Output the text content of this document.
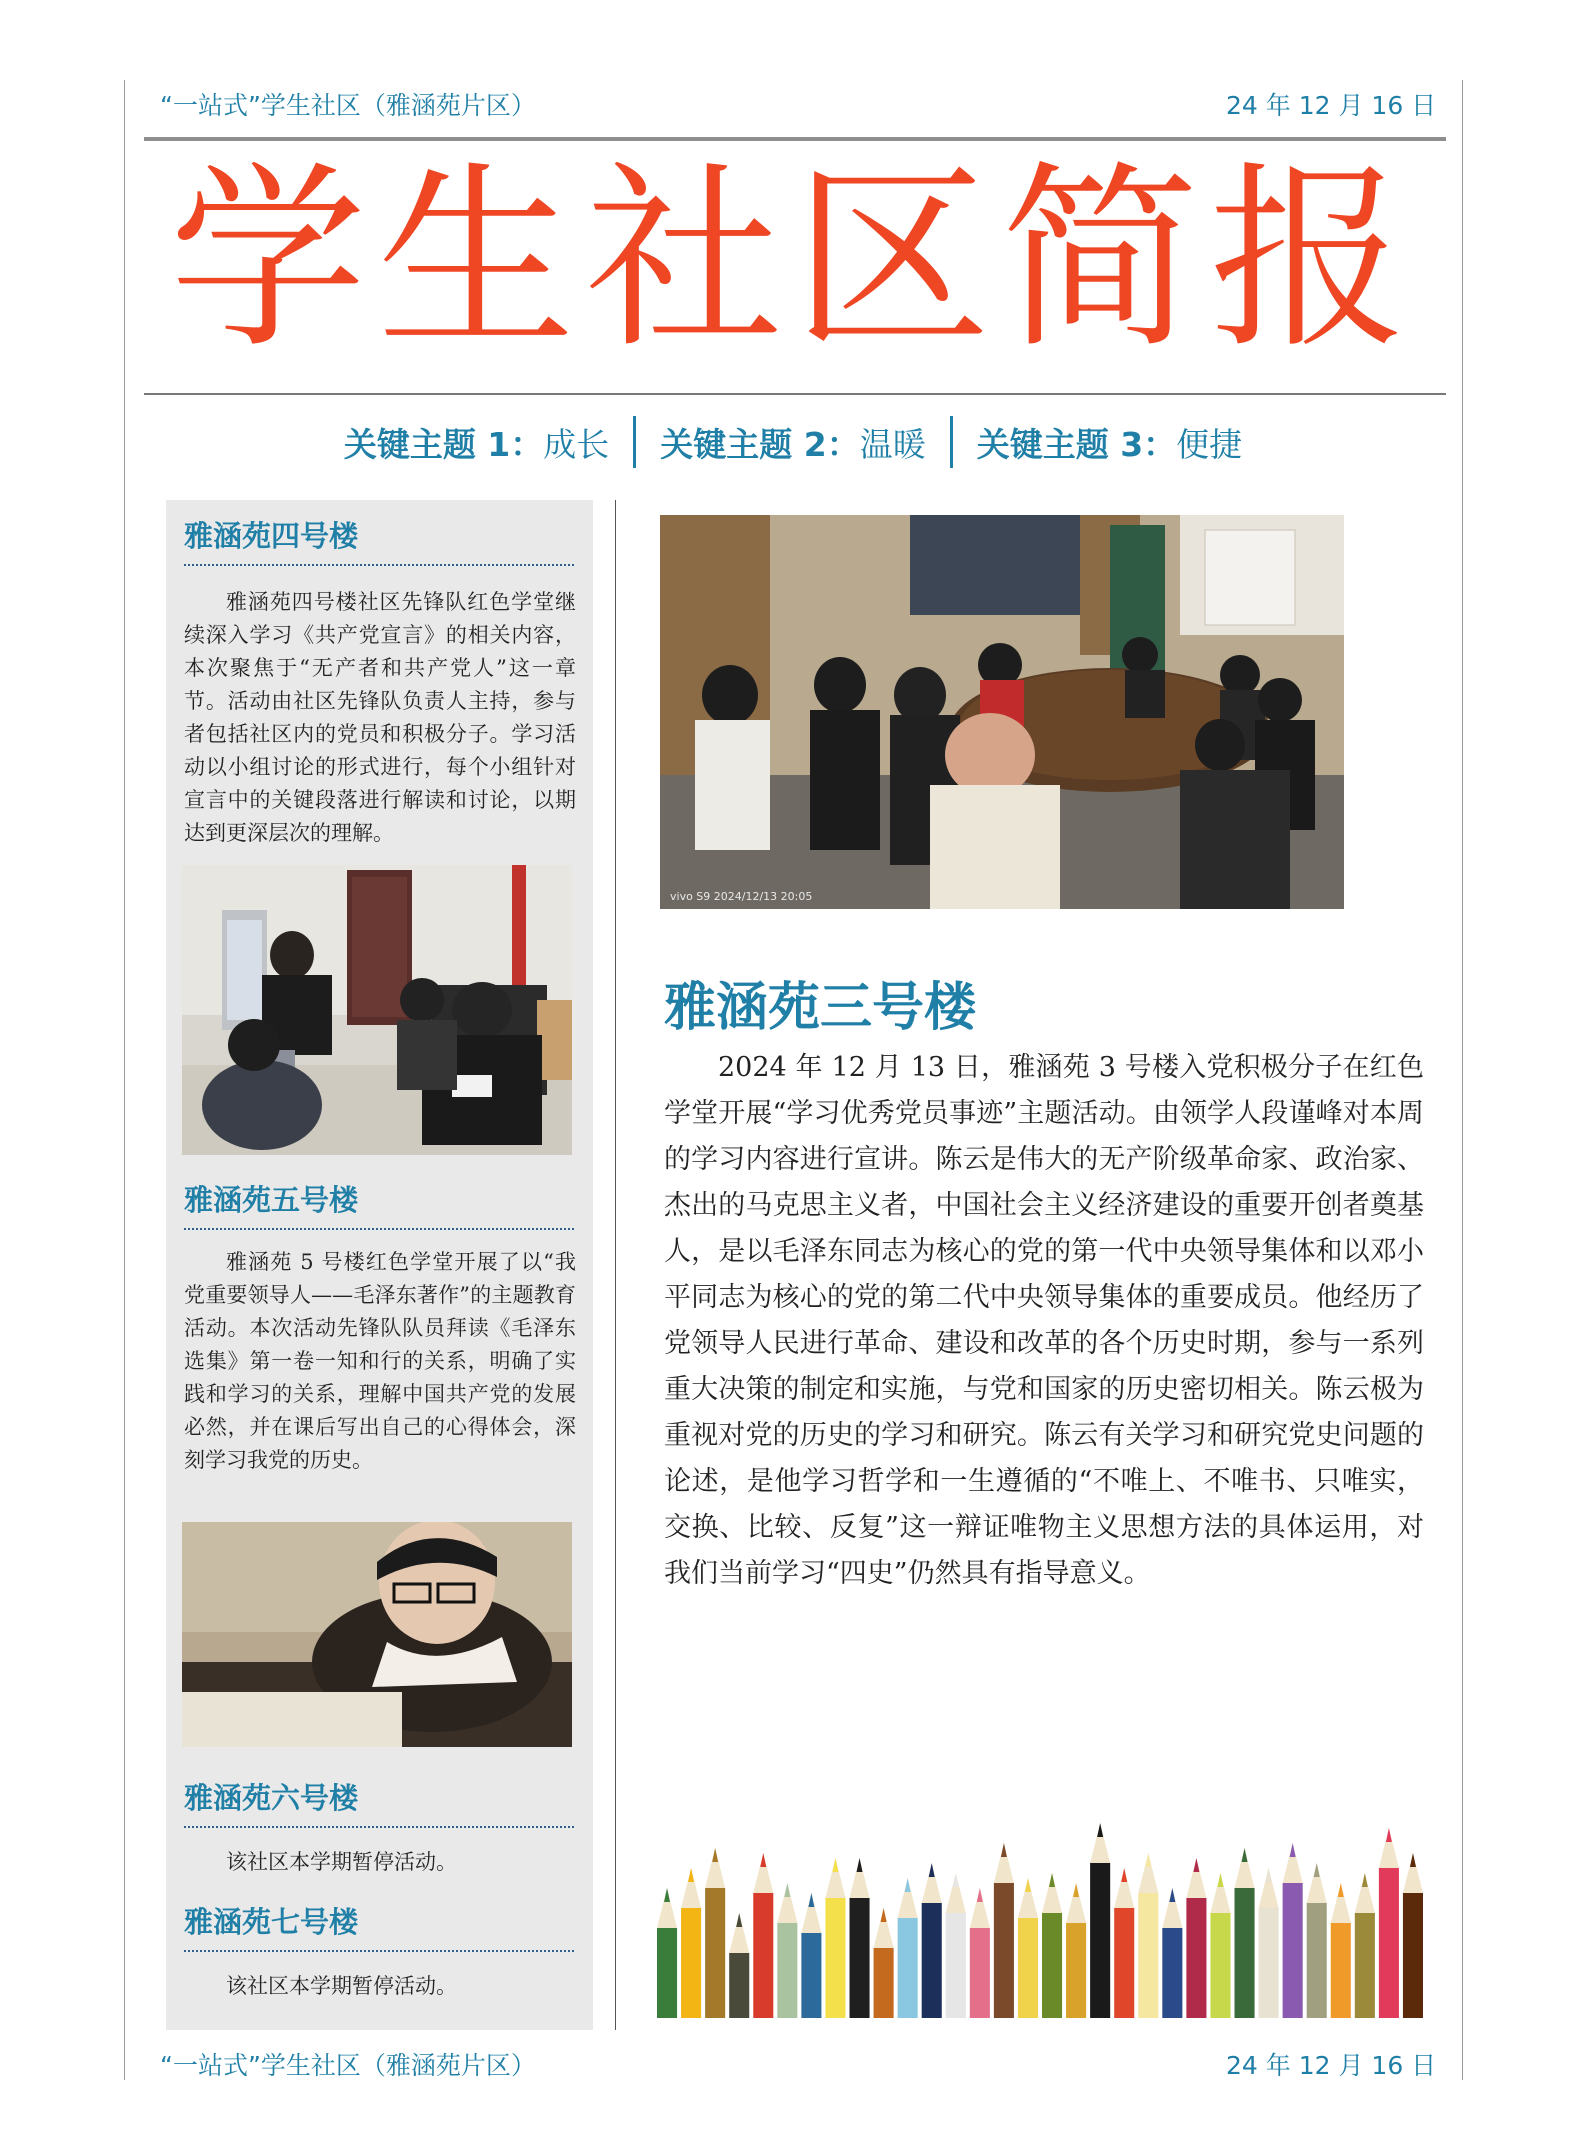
“一站式”学生社区（雅涵苑片区）	24 年 12 月 16 日
学生社区简报
关键主题 1：成长	关键主题 2：温暖	关键主题 3：便捷
雅涵苑四号楼
雅涵苑四号楼社区先锋队红色学堂继续深入学习《共产党宣言》的相关内容，本次聚焦于“无产者和共产党人”这一章节。活动由社区先锋队负责人主持，参与者包括社区内的党员和积极分子。学习活动以小组讨论的形式进行，每个小组针对宣言中的关键段落进行解读和讨论，以期达到更深层次的理解。
雅涵苑五号楼
雅涵苑 5 号楼红色学堂开展了以“我党重要领导人——毛泽东著作”的主题教育活动。本次活动先锋队队员拜读《毛泽东选集》第一卷一知和行的关系，明确了实践和学习的关系，理解中国共产党的发展必然，并在课后写出自己的心得体会，深刻学习我党的历史。
雅涵苑六号楼
该社区本学期暂停活动。
雅涵苑七号楼
该社区本学期暂停活动。
vivo S9 2024/12/13 20:05
雅涵苑三号楼
2024 年 12 月 13 日，雅涵苑 3 号楼入党积极分子在红色学堂开展“学习优秀党员事迹”主题活动。由领学人段谨峰对本周的学习内容进行宣讲。陈云是伟大的无产阶级革命家、政治家、杰出的马克思主义者，中国社会主义经济建设的重要开创者奠基人，是以毛泽东同志为核心的党的第一代中央领导集体和以邓小平同志为核心的党的第二代中央领导集体的重要成员。他经历了党领导人民进行革命、建设和改革的各个历史时期，参与一系列重大决策的制定和实施，与党和国家的历史密切相关。陈云极为重视对党的历史的学习和研究。陈云有关学习和研究党史问题的论述，是他学习哲学和一生遵循的“不唯上、不唯书、只唯实，交换、比较、反复”这一辩证唯物主义思想方法的具体运用，对我们当前学习“四史”仍然具有指导意义。
“一站式”学生社区（雅涵苑片区）	24 年 12 月 16 日
